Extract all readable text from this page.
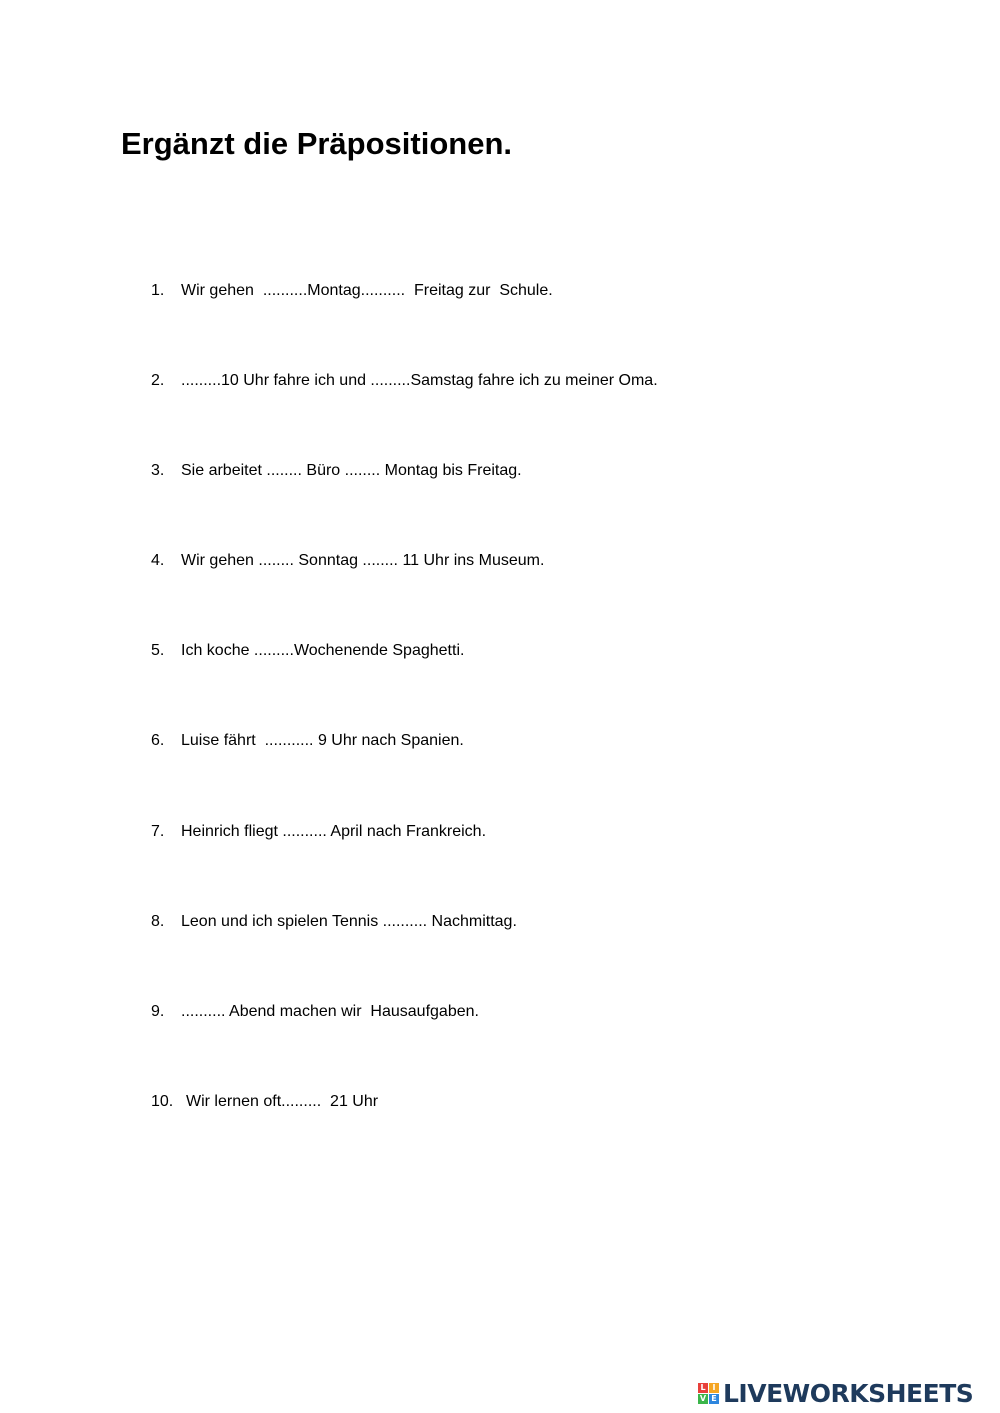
Ergänzt die Präpositionen.

1.

Wir gehen  ..........Montag..........  Freitag zur  Schule.

2.

.........10 Uhr fahre ich und .........Samstag fahre ich zu meiner Oma.

3.

Sie arbeitet ........ Büro ........ Montag bis Freitag.

4.

Wir gehen ........ Sonntag ........ 11 Uhr ins Museum.

5.

Ich koche .........Wochenende Spaghetti.

6.

Luise fährt  ........... 9 Uhr nach Spanien.

7.

Heinrich fliegt .......... April nach Frankreich.

8.

Leon und ich spielen Tennis .......... Nachmittag.

9.

.......... Abend machen wir  Hausaufgaben.

10.

Wir lernen oft.........  21 Uhr

L I
V E LIVEWORKSHEETS
